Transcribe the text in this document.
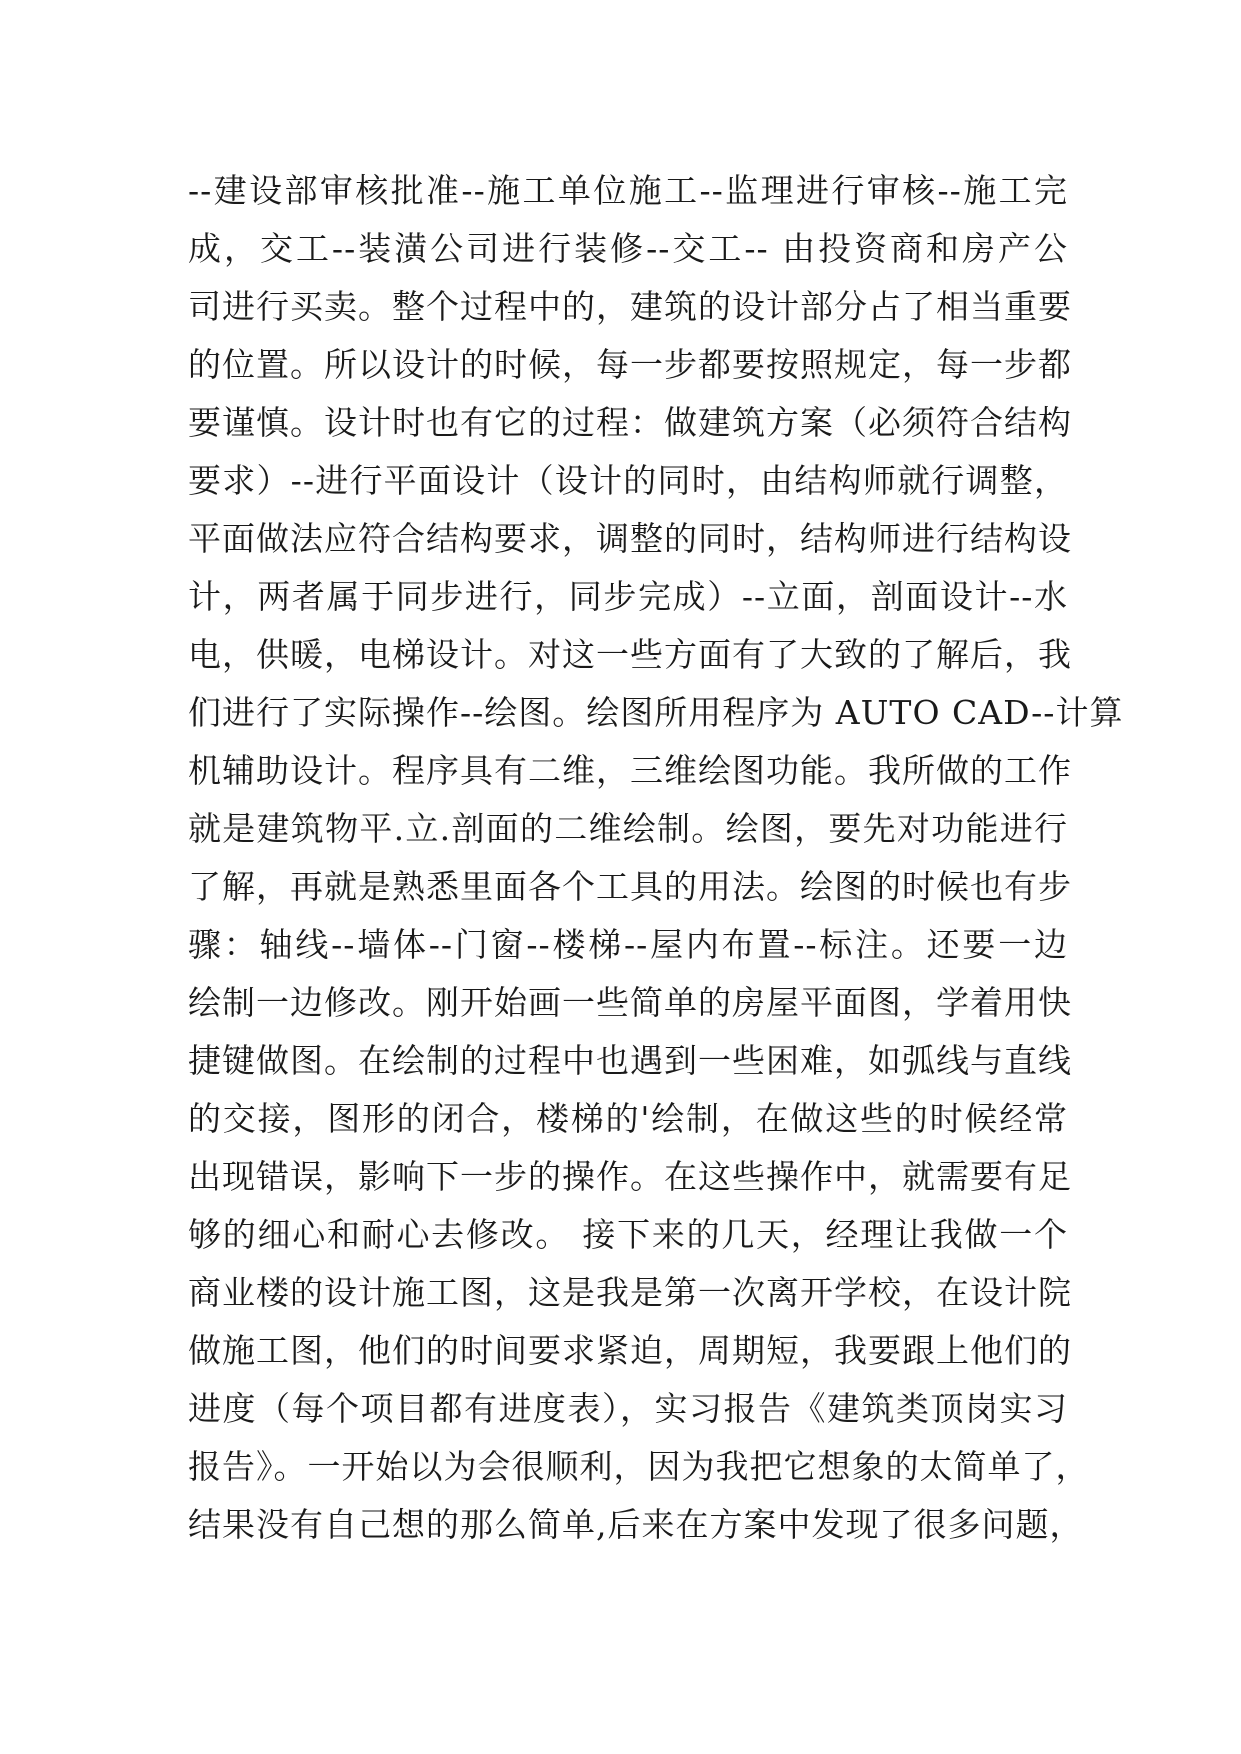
--建设部审核批准--施工单位施工--监理进行审核--施工完
成，交工--装潢公司进行装修--交工-- 由投资商和房产公
司进行买卖。整个过程中的，建筑的设计部分占了相当重要
的位置。所以设计的时候，每一步都要按照规定，每一步都
要谨慎。设计时也有它的过程：做建筑方案（必须符合结构
要求）--进行平面设计（设计的同时，由结构师就行调整，
平面做法应符合结构要求，调整的同时，结构师进行结构设
计，两者属于同步进行，同步完成）--立面，剖面设计--水
电，供暖，电梯设计。对这一些方面有了大致的了解后，我
们进行了实际操作--绘图。绘图所用程序为 AUTO CAD--计算
机辅助设计。程序具有二维，三维绘图功能。我所做的工作
就是建筑物平.立.剖面的二维绘制。绘图，要先对功能进行
了解，再就是熟悉里面各个工具的用法。绘图的时候也有步
骤：轴线--墙体--门窗--楼梯--屋内布置--标注。还要一边
绘制一边修改。刚开始画一些简单的房屋平面图，学着用快
捷键做图。在绘制的过程中也遇到一些困难，如弧线与直线
的交接，图形的闭合，楼梯的'绘制，在做这些的时候经常
出现错误，影响下一步的操作。在这些操作中，就需要有足
够的细心和耐心去修改。 接下来的几天，经理让我做一个
商业楼的设计施工图，这是我是第一次离开学校，在设计院
做施工图，他们的时间要求紧迫，周期短，我要跟上他们的
进度（每个项目都有进度表），实习报告《建筑类顶岗实习
报告》。一开始以为会很顺利，因为我把它想象的太简单了，
结果没有自己想的那么简单,后来在方案中发现了很多问题，
